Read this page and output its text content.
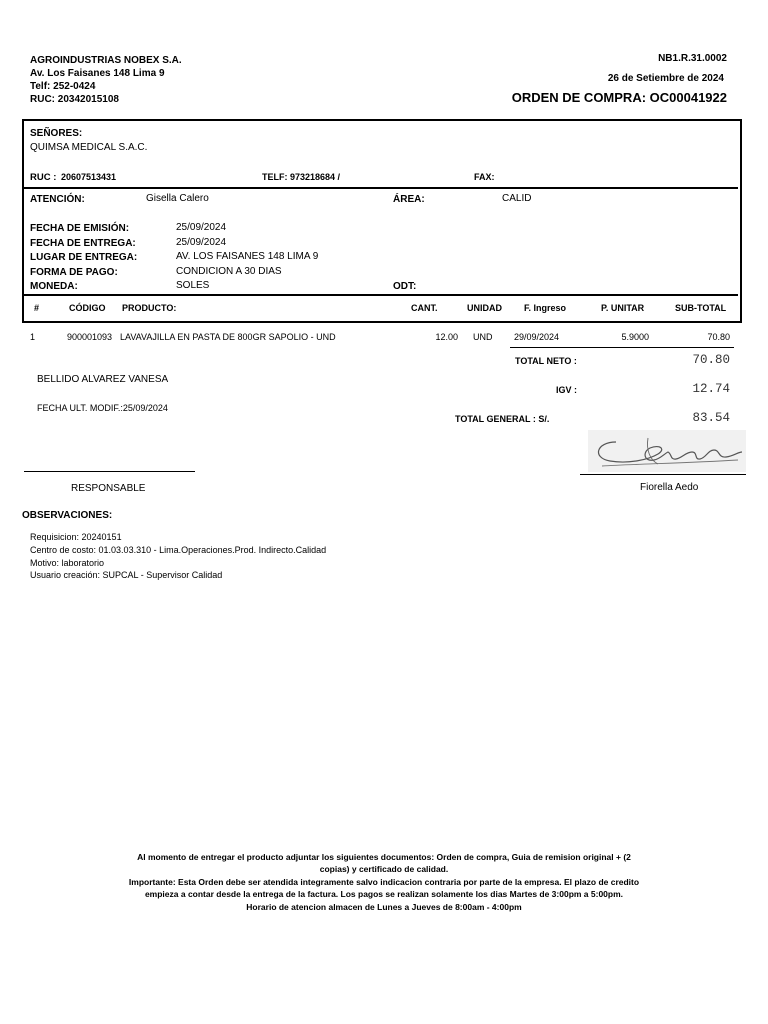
AGROINDUSTRIAS NOBEX S.A.
Av. Los Faisanes 148 Lima 9
Telf: 252-0424
RUC: 20342015108
NB1.R.31.0002
26 de Setiembre de 2024
ORDEN DE COMPRA: OC00041922
SEÑORES:
QUIMSA MEDICAL S.A.C.
RUC : 20607513431	TELF: 973218684 /	FAX:
ATENCIÓN:	Gisella Calero	ÁREA:	CALID
FECHA DE EMISIÓN:	25/09/2024
FECHA DE ENTREGA:	25/09/2024
LUGAR DE ENTREGA:	AV. LOS FAISANES 148 LIMA 9
FORMA DE PAGO:	CONDICION A 30 DIAS
MONEDA:	SOLES	ODT:
#	CÓDIGO PRODUCTO:	CANT.	UNIDAD F. Ingreso	P. UNITAR	SUB-TOTAL
1	900001093 LAVAVAJILLA EN PASTA DE 800GR SAPOLIO - UND	12.00 UND 29/09/2024	5.9000	70.80
TOTAL NETO :	70.80
IGV :	12.74
TOTAL GENERAL : S/.	83.54
BELLIDO ALVAREZ VANESA
FECHA ULT. MODIF.:25/09/2024
RESPONSABLE	Fiorella Aedo
OBSERVACIONES:
Requisicion: 20240151
Centro de costo: 01.03.03.310 - Lima.Operaciones.Prod. Indirecto.Calidad
Motivo: laboratorio
Usuario creación: SUPCAL - Supervisor Calidad
Al momento de entregar el producto adjuntar los siguientes documentos: Orden de compra, Guia de remision original + (2
copias) y certificado de calidad.
Importante: Esta Orden debe ser atendida integramente salvo indicacion contraria por parte de la empresa. El plazo de credito
empieza a contar desde la entrega de la factura. Los pagos se realizan solamente los dias Martes de 3:00pm a 5:00pm.
Horario de atencion almacen de Lunes a Jueves de 8:00am - 4:00pm
